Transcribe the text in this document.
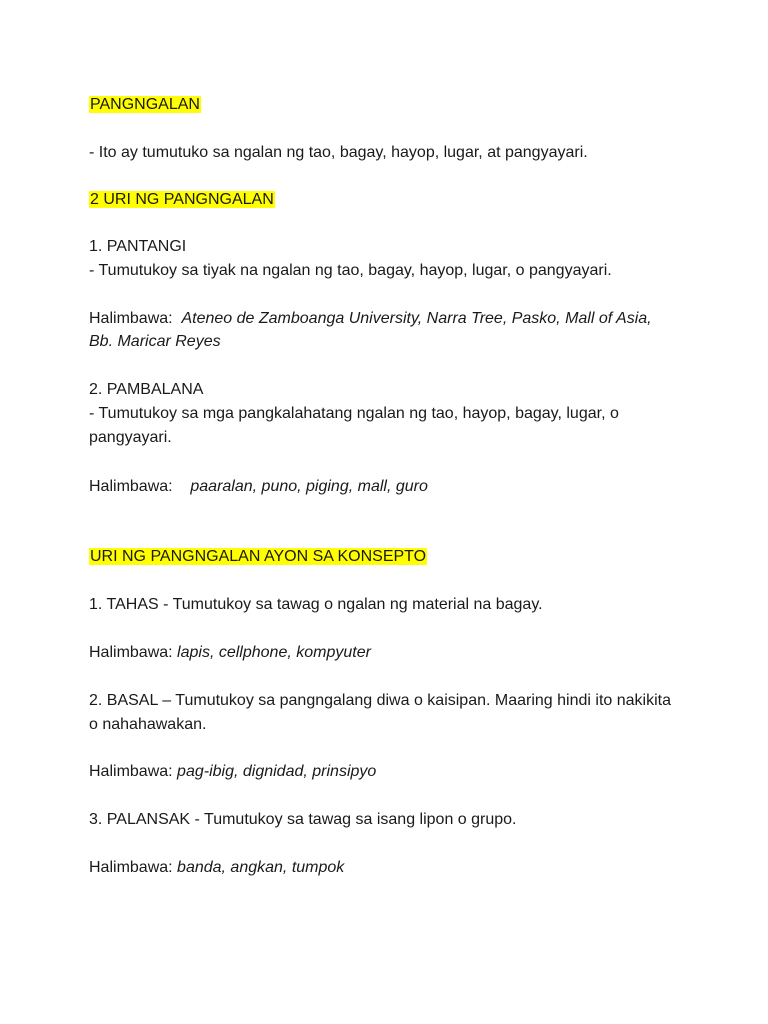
PANGNGALAN
- Ito ay tumutuko sa ngalan ng tao, bagay, hayop, lugar, at pangyayari.
2 URI NG PANGNGALAN
1. PANTANGI
- Tumutukoy sa tiyak na ngalan ng tao, bagay, hayop, lugar, o pangyayari.
Halimbawa: Ateneo de Zamboanga University, Narra Tree, Pasko, Mall of Asia,
Bb. Maricar Reyes
2. PAMBALANA
- Tumutukoy sa mga pangkalahatang ngalan ng tao, hayop, bagay, lugar, o
pangyayari.
Halimbawa: paaralan, puno, piging, mall, guro
URI NG PANGNGALAN AYON SA KONSEPTO
1. TAHAS - Tumutukoy sa tawag o ngalan ng material na bagay.
Halimbawa: lapis, cellphone, kompyuter
2. BASAL – Tumutukoy sa pangngalang diwa o kaisipan. Maaring hindi ito nakikita
o nahahawakan.
Halimbawa: pag-ibig, dignidad, prinsipyo
3. PALANSAK - Tumutukoy sa tawag sa isang lipon o grupo.
Halimbawa: banda, angkan, tumpok
